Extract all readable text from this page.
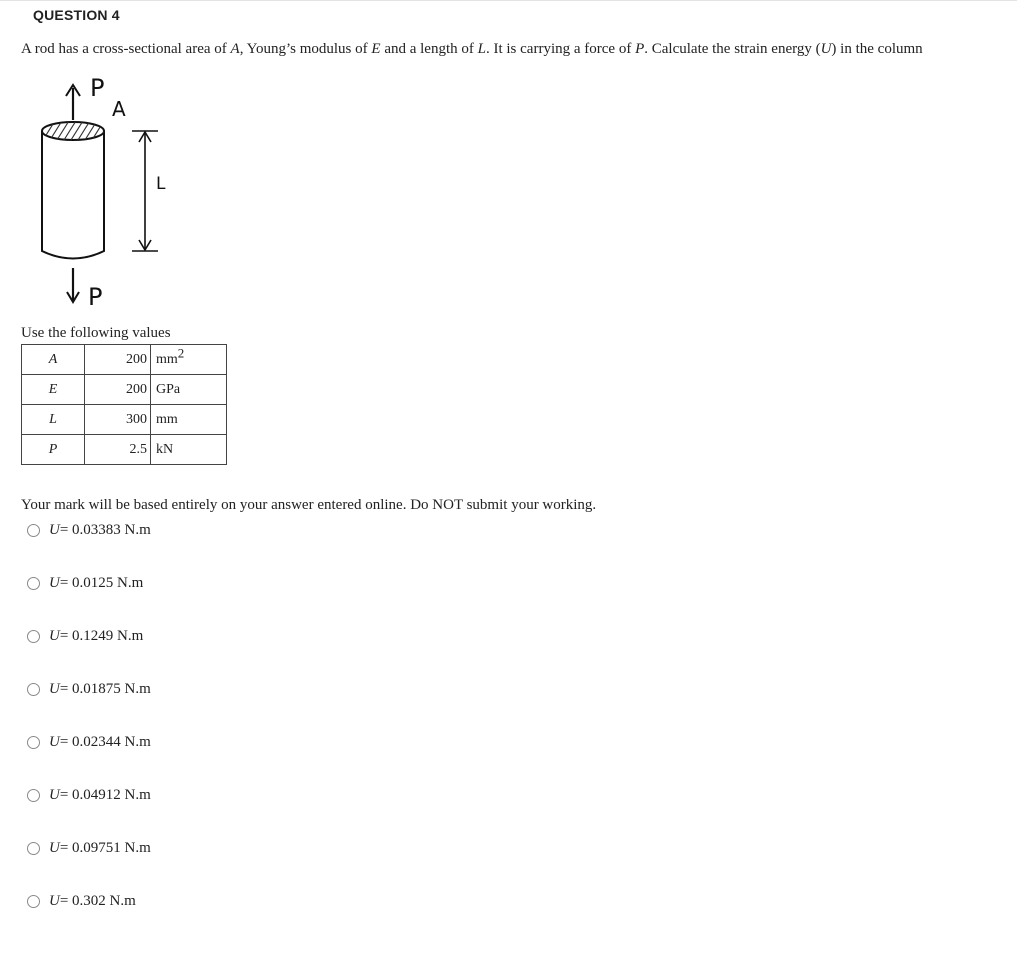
QUESTION 4
A rod has a cross-sectional area of A, Young’s modulus of E and a length of L. It is carrying a force of P. Calculate the strain energy (U) in the column
P
A
L
P
Use the following values
A	200	$mm^2$
E	200	GPa
L	300	mm
P	2.5	kN
Your mark will be based entirely on your answer entered online. Do NOT submit your working.
U = 0.03383 N.m
U = 0.0125 N.m
U = 0.1249 N.m
U = 0.01875 N.m
U = 0.02344 N.m
U = 0.04912 N.m
U = 0.09751 N.m
U = 0.302 N.m
